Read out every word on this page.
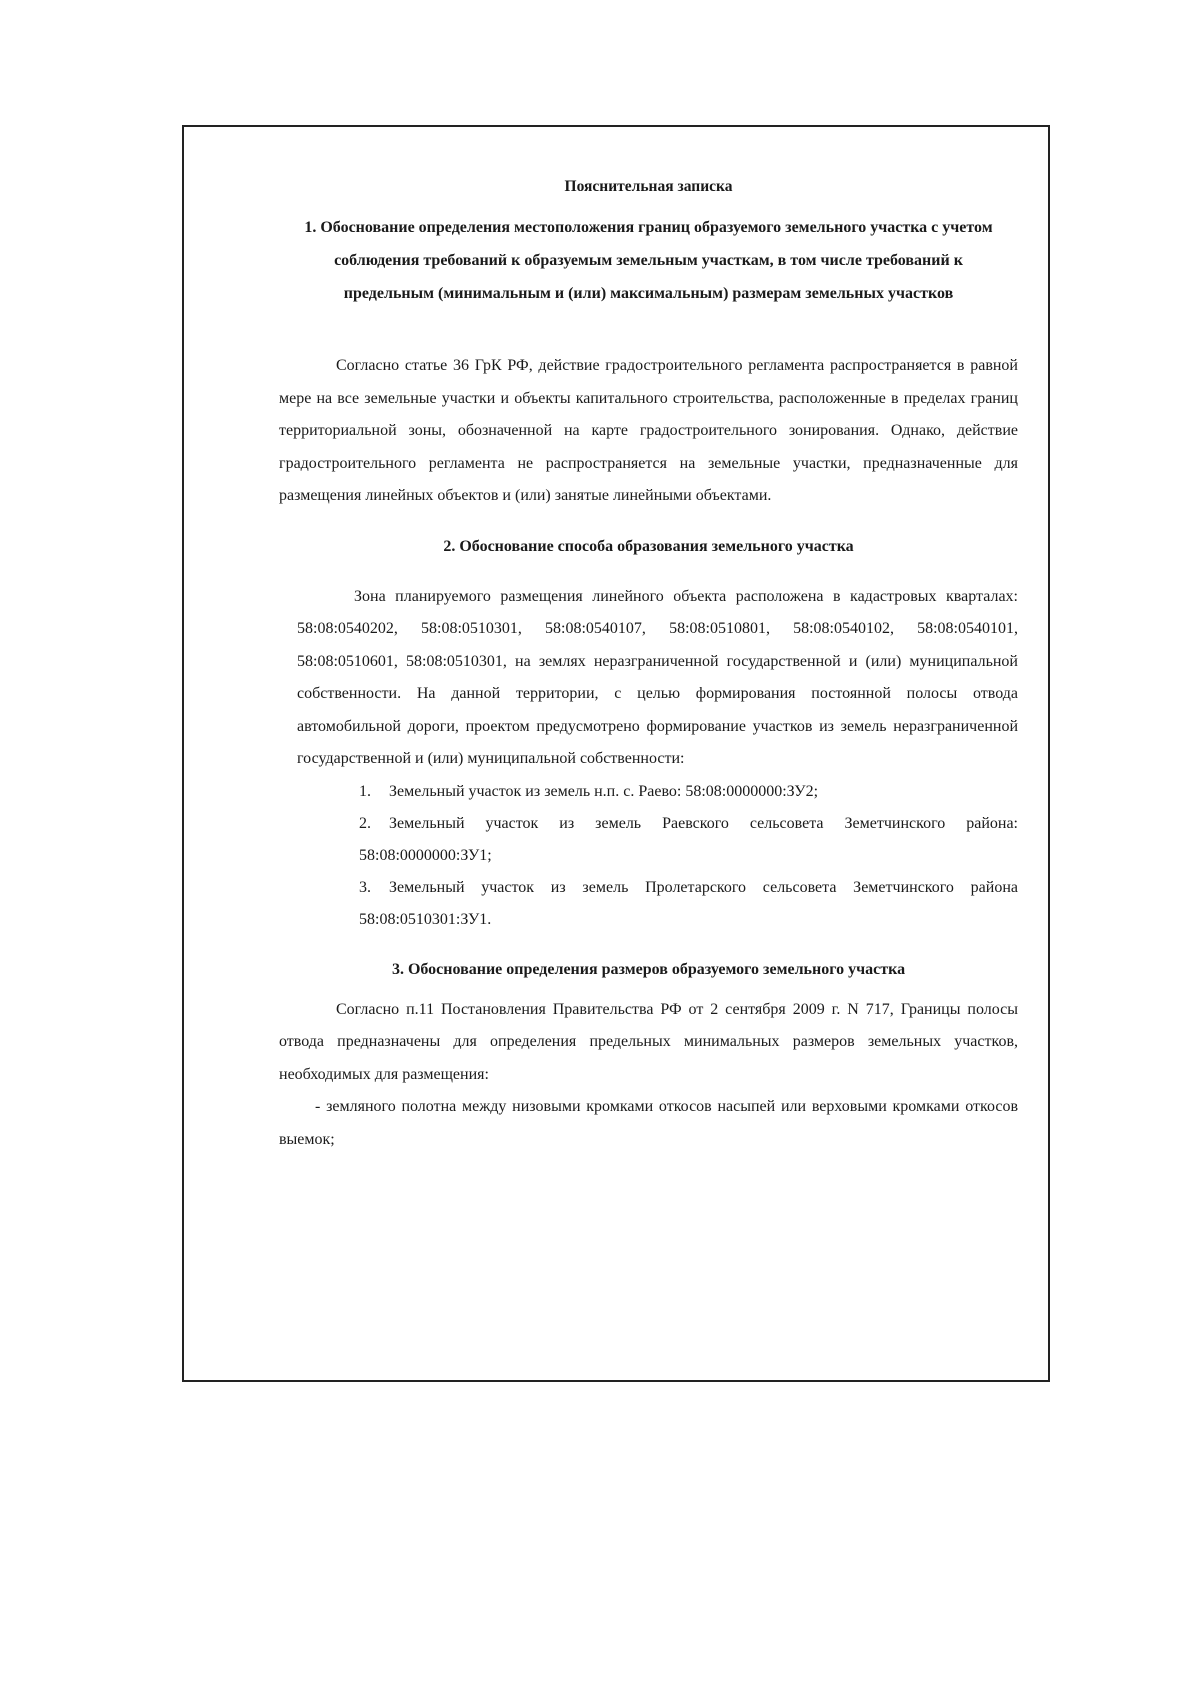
Пояснительная записка
1. Обоснование определения местоположения границ образуемого земельного участка с учетом соблюдения требований к образуемым земельным участкам, в том числе требований к предельным (минимальным и (или) максимальным) размерам земельных участков

Согласно статье 36 ГрК РФ, действие градостроительного регламента распространяется в равной мере на все земельные участки и объекты капитального строительства, расположенные в пределах границ территориальной зоны, обозначенной на карте градостроительного зонирования. Однако, действие градостроительного регламента не распространяется на земельные участки, предназначенные для размещения линейных объектов и (или) занятые линейными объектами.

2. Обоснование способа образования земельного участка

Зона планируемого размещения линейного объекта расположена в кадастровых кварталах: 58:08:0540202, 58:08:0510301, 58:08:0540107, 58:08:0510801, 58:08:0540102, 58:08:0540101, 58:08:0510601, 58:08:0510301, на землях неразграниченной государственной и (или) муниципальной собственности. На данной территории, с целью формирования постоянной полосы отвода автомобильной дороги, проектом предусмотрено формирование участков из земель неразграниченной государственной и (или) муниципальной собственности:

1. Земельный участок из земель н.п. с. Раево: 58:08:0000000:ЗУ2;
2. Земельный участок из земель Раевского сельсовета Земетчинского района: 58:08:0000000:ЗУ1;
3. Земельный участок из земель Пролетарского сельсовета Земетчинского района 58:08:0510301:ЗУ1.
3. Обоснование определения размеров образуемого земельного участка

Согласно п.11 Постановления Правительства РФ от 2 сентября 2009 г. N 717, Границы полосы отвода предназначены для определения предельных минимальных размеров земельных участков, необходимых для размещения:

- земляного полотна между низовыми кромками откосов насыпей или верховыми кромками откосов выемок;
